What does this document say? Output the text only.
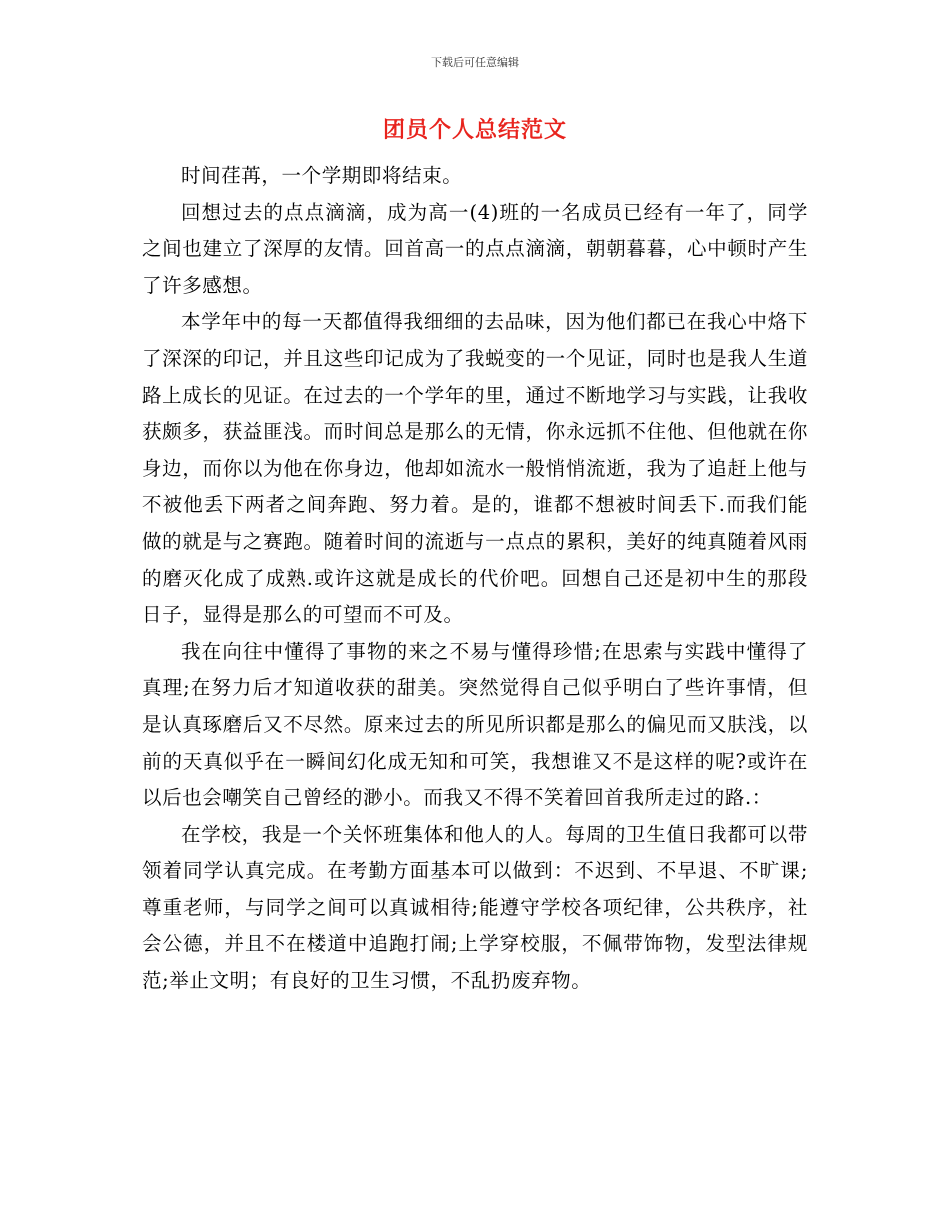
下载后可任意编辑
团员个人总结范文

时间荏苒，一个学期即将结束。

回想过去的点点滴滴，成为高一(4)班的一名成员已经有一年了，同学之间也建立了深厚的友情。回首高一的点点滴滴，朝朝暮暮，心中顿时产生了许多感想。

本学年中的每一天都值得我细细的去品味，因为他们都已在我心中烙下了深深的印记，并且这些印记成为了我蜕变的一个见证，同时也是我人生道路上成长的见证。在过去的一个学年的里，通过不断地学习与实践，让我收获颇多，获益匪浅。而时间总是那么的无情，你永远抓不住他、但他就在你身边，而你以为他在你身边，他却如流水一般悄悄流逝，我为了追赶上他与不被他丢下两者之间奔跑、努力着。是的，谁都不想被时间丢下.而我们能做的就是与之赛跑。随着时间的流逝与一点点的累积，美好的纯真随着风雨的磨灭化成了成熟.或许这就是成长的代价吧。回想自己还是初中生的那段日子，显得是那么的可望而不可及。

我在向往中懂得了事物的来之不易与懂得珍惜;在思索与实践中懂得了真理;在努力后才知道收获的甜美。突然觉得自己似乎明白了些许事情，但是认真琢磨后又不尽然。原来过去的所见所识都是那么的偏见而又肤浅，以前的天真似乎在一瞬间幻化成无知和可笑，我想谁又不是这样的呢?或许在以后也会嘲笑自己曾经的渺小。而我又不得不笑着回首我所走过的路.：

在学校，我是一个关怀班集体和他人的人。每周的卫生值日我都可以带领着同学认真完成。在考勤方面基本可以做到：不迟到、不早退、不旷课;尊重老师，与同学之间可以真诚相待;能遵守学校各项纪律，公共秩序，社会公德，并且不在楼道中追跑打闹;上学穿校服，不佩带饰物，发型法律规范;举止文明；有良好的卫生习惯，不乱扔废弃物。
